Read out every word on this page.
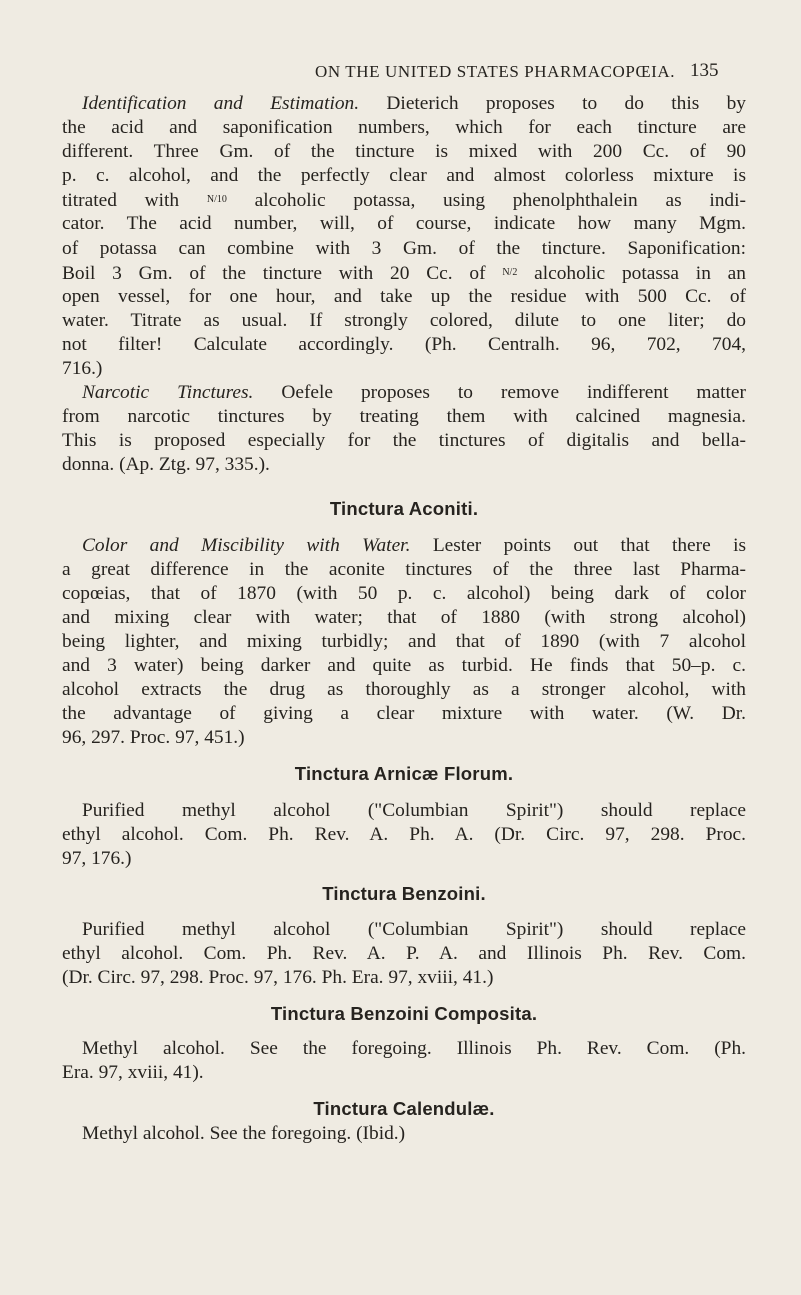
ON THE UNITED STATES PHARMACOPŒIA. 135
Identification and Estimation. Dieterich proposes to do this by
the acid and saponification numbers, which for each tincture are
different. Three Gm. of the tincture is mixed with 200 Cc. of 90
p. c. alcohol, and the perfectly clear and almost colorless mixture is
titrated with	$^{N/10}$ alcoholic potassa, using phenolphthalein as indi-
cator. The acid number, will, of course, indicate how many Mgm.
of potassa can combine with 3 Gm. of the tincture. Saponification:
Boil 3 Gm. of the tincture with 20 Cc. of $^{N/2}$ alcoholic potassa in an
open vessel, for one hour, and take up the residue with 500 Cc. of
water. Titrate as usual. If strongly colored, dilute to one liter; do
not filter! Calculate accordingly. (Ph. Centralh. 96, 702, 704,
716.)
Narcotic Tinctures. Oefele proposes to remove indifferent matter
from narcotic tinctures by treating them with calcined magnesia.
This is proposed especially for the tinctures of digitalis and bella-
donna. (Ap. Ztg. 97, 335.).
Tinctura Aconiti.
Color and Miscibility with Water. Lester points out that there is
a great difference in the aconite tinctures of the three last Pharma-
copœias, that of 1870 (with 50 p. c. alcohol) being dark of color
and mixing clear with water; that of 1880 (with strong alcohol)
being lighter, and mixing turbidly; and that of 1890 (with 7 alcohol
and 3 water) being darker and quite as turbid. He finds that 50–p. c.
alcohol extracts the drug as thoroughly as a stronger alcohol, with
the advantage of giving a clear mixture with water. (W. Dr.
96, 297. Proc. 97, 451.)
Tinctura Arnicæ Florum.
Purified methyl alcohol ("Columbian Spirit") should replace
ethyl alcohol. Com. Ph. Rev. A. Ph. A. (Dr. Circ. 97, 298. Proc.
97, 176.)
Tinctura Benzoini.
Purified methyl alcohol ("Columbian Spirit") should replace
ethyl alcohol. Com. Ph. Rev. A. P. A. and Illinois Ph. Rev. Com.
(Dr. Circ. 97, 298. Proc. 97, 176. Ph. Era. 97, xviii, 41.)
Tinctura Benzoini Composita.
Methyl alcohol. See the foregoing. Illinois Ph. Rev. Com. (Ph.
Era. 97, xviii, 41).
Tinctura Calendulæ.
Methyl alcohol. See the foregoing. (Ibid.)
